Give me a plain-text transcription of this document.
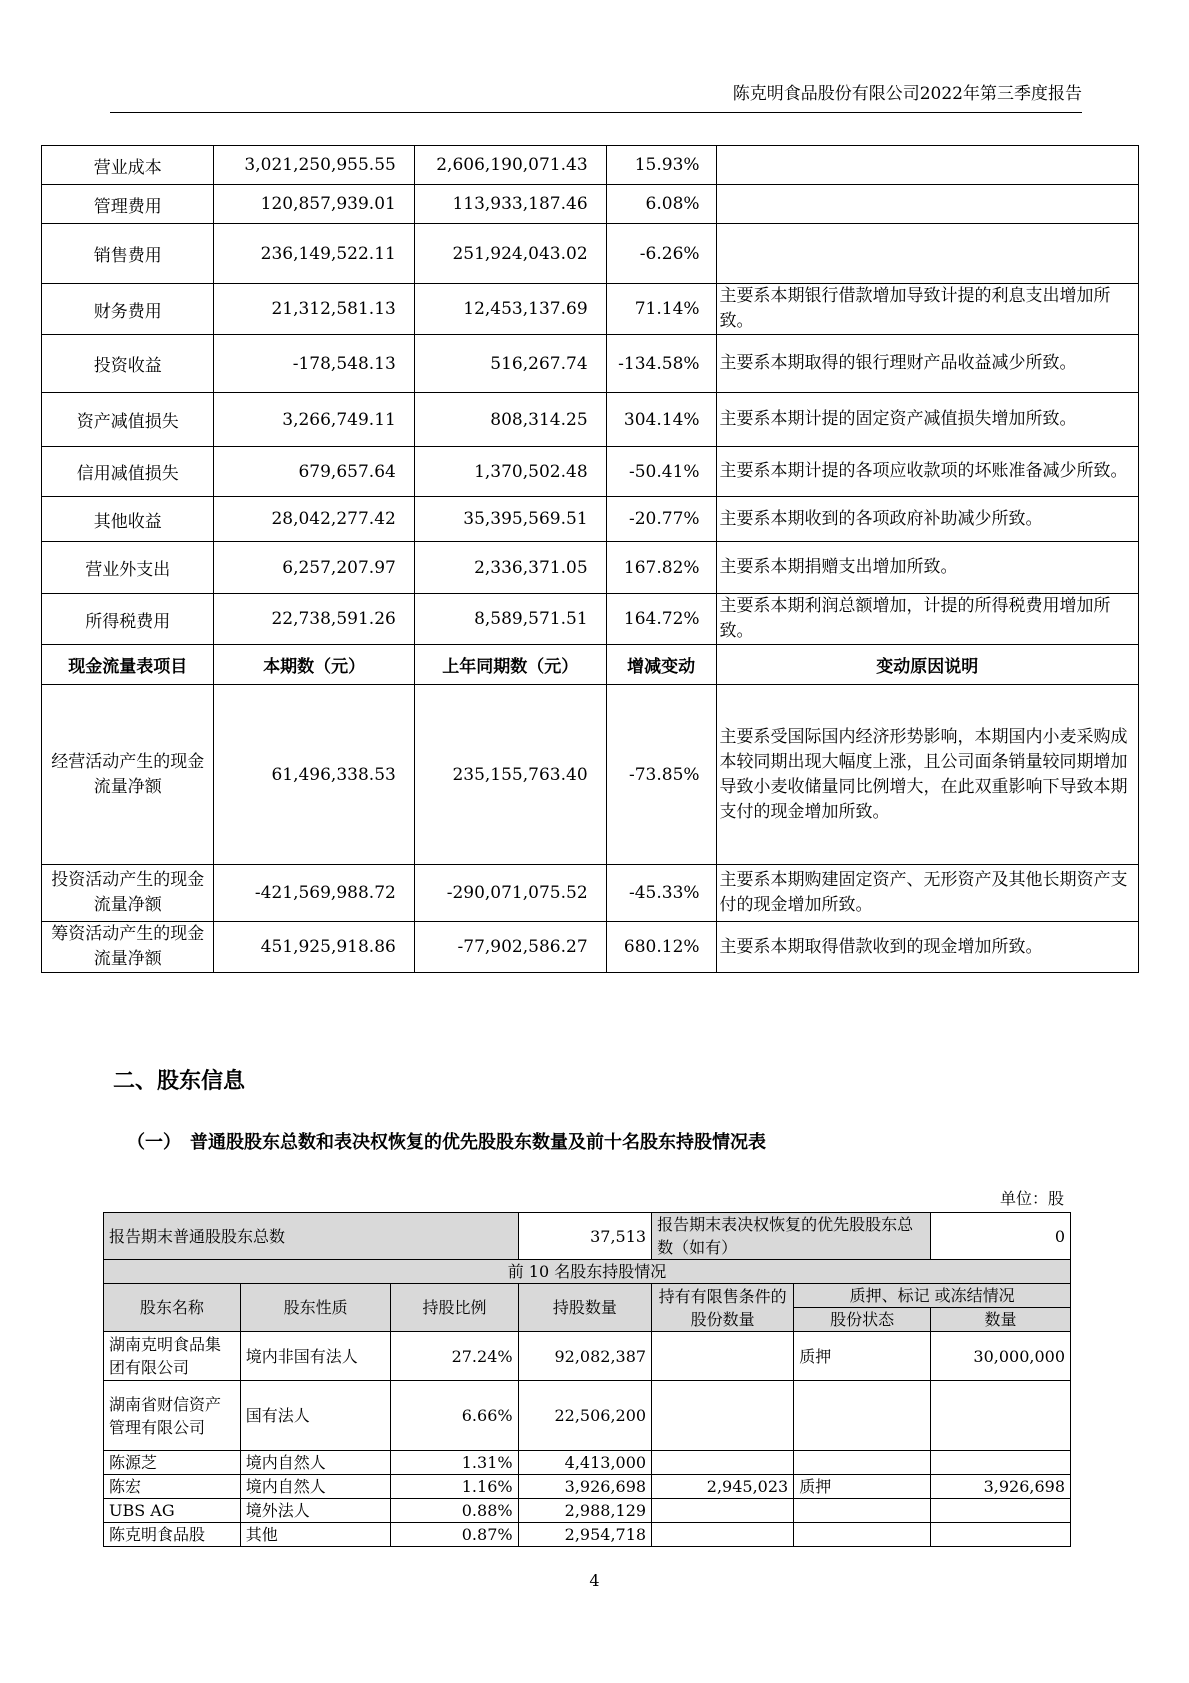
陈克明食品股份有限公司2022年第三季度报告
营业成本	3,021,250,955.55	2,606,190,071.43	15.93%	
管理费用	120,857,939.01	113,933,187.46	6.08%	
销售费用	236,149,522.11	251,924,043.02	-6.26%	
财务费用	21,312,581.13	12,453,137.69	71.14%	主要系本期银行借款增加导致计提的利息支出增加所致。
投资收益	-178,548.13	516,267.74	-134.58%	主要系本期取得的银行理财产品收益减少所致。
资产减值损失	3,266,749.11	808,314.25	304.14%	主要系本期计提的固定资产减值损失增加所致。
信用减值损失	679,657.64	1,370,502.48	-50.41%	主要系本期计提的各项应收款项的坏账准备减少所致。
其他收益	28,042,277.42	35,395,569.51	-20.77%	主要系本期收到的各项政府补助减少所致。
营业外支出	6,257,207.97	2,336,371.05	167.82%	主要系本期捐赠支出增加所致。
所得税费用	22,738,591.26	8,589,571.51	164.72%	主要系本期利润总额增加，计提的所得税费用增加所致。
现金流量表项目	本期数（元）	上年同期数（元）	增减变动	变动原因说明
经营活动产生的现金流量净额	61,496,338.53	235,155,763.40	-73.85%	主要系受国际国内经济形势影响，本期国内小麦采购成本较同期出现大幅度上涨，且公司面条销量较同期增加导致小麦收储量同比例增大，在此双重影响下导致本期支付的现金增加所致。
投资活动产生的现金流量净额	-421,569,988.72	-290,071,075.52	-45.33%	主要系本期购建固定资产、无形资产及其他长期资产支付的现金增加所致。
筹资活动产生的现金流量净额	451,925,918.86	-77,902,586.27	680.12%	主要系本期取得借款收到的现金增加所致。
二、股东信息
（一）　普通股股东总数和表决权恢复的优先股股东数量及前十名股东持股情况表
单位：股
报告期末普通股股东总数			37,513	报告期末表决权恢复的优先股股东总数（如有）		0
前 10 名股东持股情况						
股东名称	股东性质	持股比例	持股数量	持有有限售条件的股份数量	质押、标记 或冻结情况	
					股份状态	数量
湖南克明食品集团有限公司	境内非国有法人	27.24%	92,082,387		质押	30,000,000
湖南省财信资产管理有限公司	国有法人	6.66%	22,506,200			
陈源芝	境内自然人	1.31%	4,413,000			
陈宏	境内自然人	1.16%	3,926,698	2,945,023	质押	3,926,698
UBS AG	境外法人	0.88%	2,988,129			
陈克明食品股	其他	0.87%	2,954,718			
4
